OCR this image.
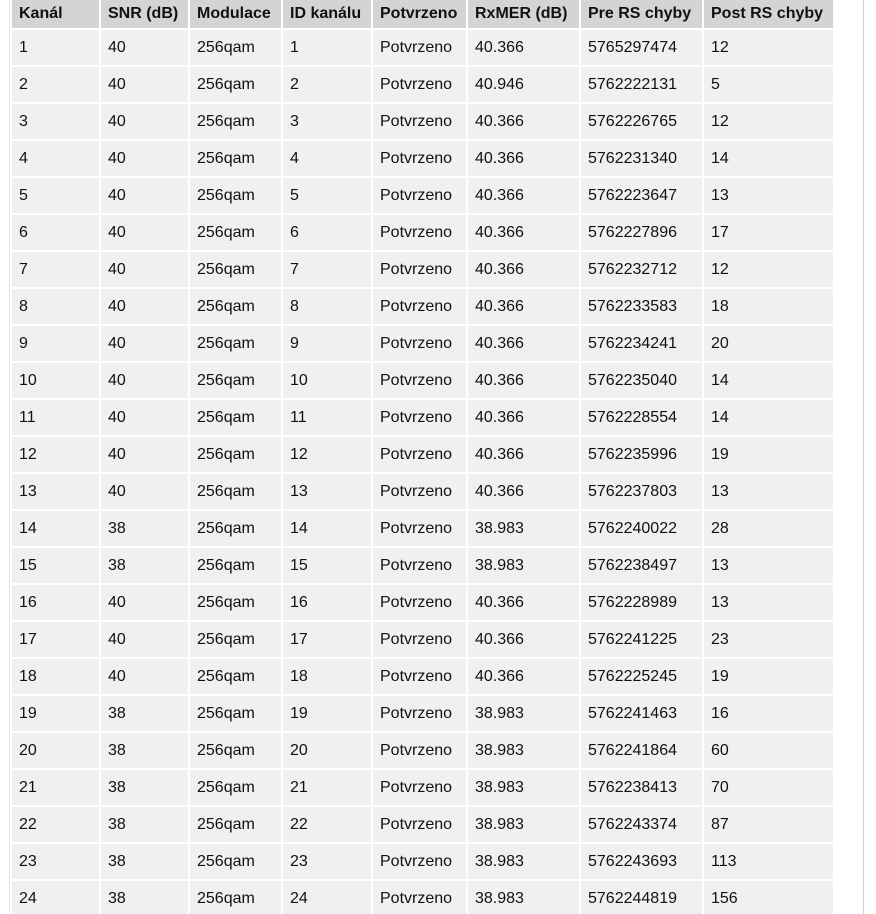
Kanál	SNR (dB)	Modulace	ID kanálu	Potvrzeno	RxMER (dB)	Pre RS chyby	Post RS chyby
1	40	256qam	1	Potvrzeno	40.366	5765297474	12
2	40	256qam	2	Potvrzeno	40.946	5762222131	5
3	40	256qam	3	Potvrzeno	40.366	5762226765	12
4	40	256qam	4	Potvrzeno	40.366	5762231340	14
5	40	256qam	5	Potvrzeno	40.366	5762223647	13
6	40	256qam	6	Potvrzeno	40.366	5762227896	17
7	40	256qam	7	Potvrzeno	40.366	5762232712	12
8	40	256qam	8	Potvrzeno	40.366	5762233583	18
9	40	256qam	9	Potvrzeno	40.366	5762234241	20
10	40	256qam	10	Potvrzeno	40.366	5762235040	14
11	40	256qam	11	Potvrzeno	40.366	5762228554	14
12	40	256qam	12	Potvrzeno	40.366	5762235996	19
13	40	256qam	13	Potvrzeno	40.366	5762237803	13
14	38	256qam	14	Potvrzeno	38.983	5762240022	28
15	38	256qam	15	Potvrzeno	38.983	5762238497	13
16	40	256qam	16	Potvrzeno	40.366	5762228989	13
17	40	256qam	17	Potvrzeno	40.366	5762241225	23
18	40	256qam	18	Potvrzeno	40.366	5762225245	19
19	38	256qam	19	Potvrzeno	38.983	5762241463	16
20	38	256qam	20	Potvrzeno	38.983	5762241864	60
21	38	256qam	21	Potvrzeno	38.983	5762238413	70
22	38	256qam	22	Potvrzeno	38.983	5762243374	87
23	38	256qam	23	Potvrzeno	38.983	5762243693	113
24	38	256qam	24	Potvrzeno	38.983	5762244819	156
